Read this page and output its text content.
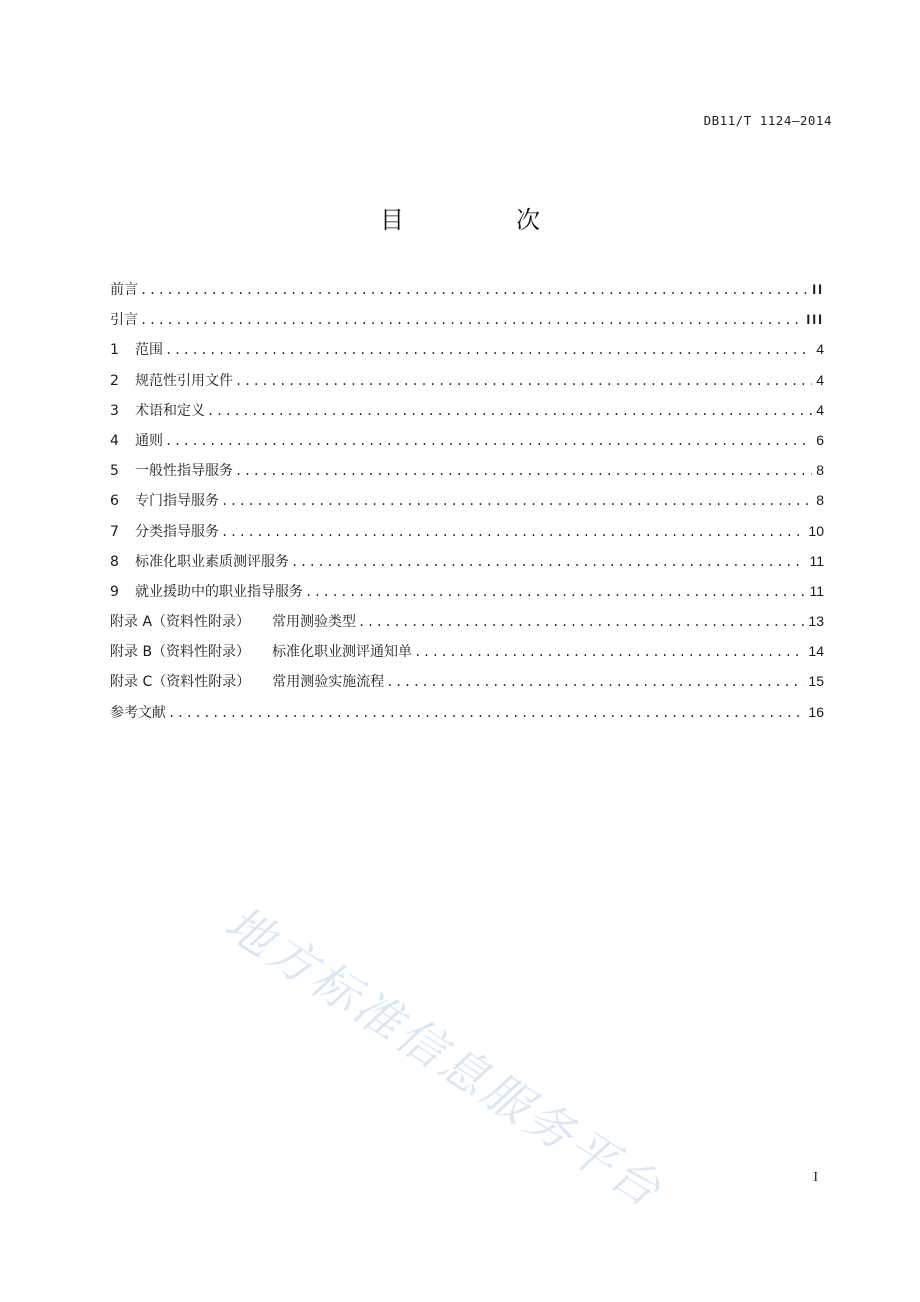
DB11/T 1124—2014
目　次
前言 .....	II
引言 .....	III
1	范围 .....	4
2	规范性引用文件 .....	4
3	术语和定义 .....	4
4	通则 .....	6
5	一般性指导服务 .....	8
6	专门指导服务 .....	8
7	分类指导服务 .....	10
8	标准化职业素质测评服务 .....	11
9	就业援助中的职业指导服务 .....	11
附录 A（资料性附录） 常用测验类型 .....	13
附录 B（资料性附录） 标准化职业测评通知单 .....	14
附录 C（资料性附录） 常用测验实施流程 .....	15
参考文献 .....	16
地方标准信息服务平台	I
